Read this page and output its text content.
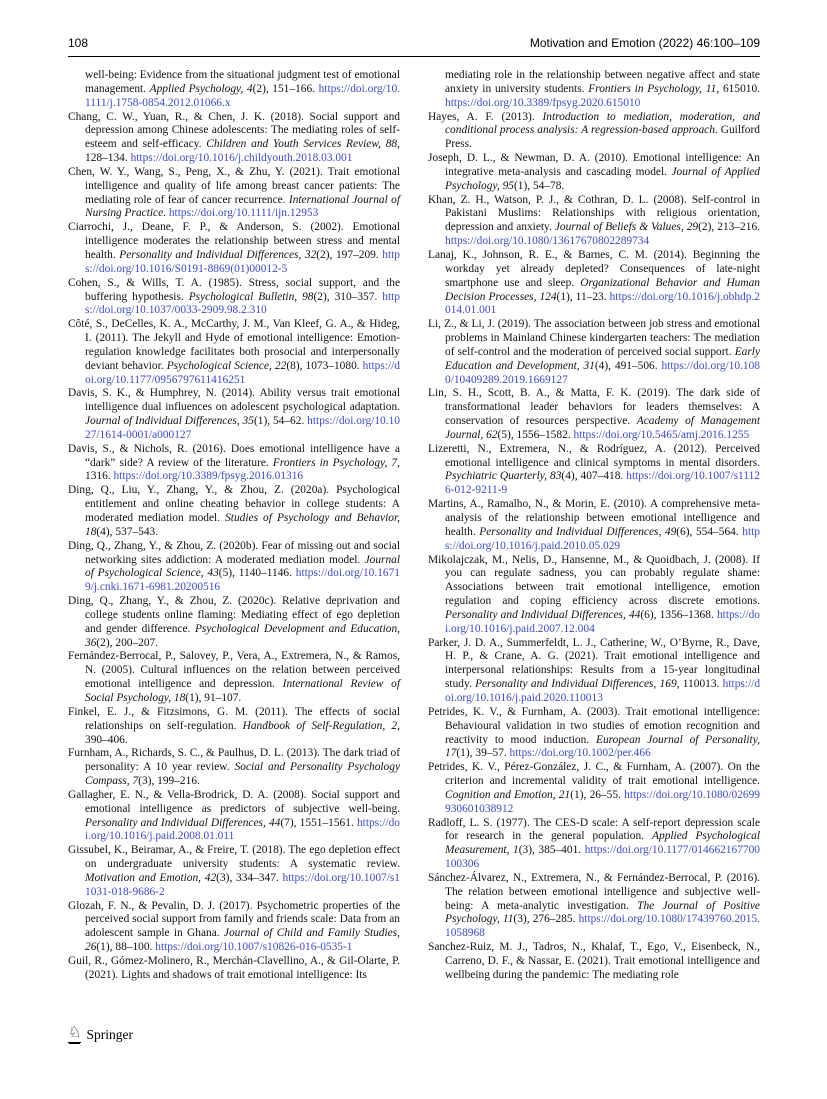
108	Motivation and Emotion (2022) 46:100–109
well-being: Evidence from the situational judgment test of emotional management. Applied Psychology, 4(2), 151–166. https://doi.org/10.1111/j.1758-0854.2012.01066.x
Chang, C. W., Yuan, R., & Chen, J. K. (2018). Social support and depression among Chinese adolescents: The mediating roles of self-esteem and self-efficacy. Children and Youth Services Review, 88, 128–134. https://doi.org/10.1016/j.childyouth.2018.03.001
Chen, W. Y., Wang, S., Peng, X., & Zhu, Y. (2021). Trait emotional intelligence and quality of life among breast cancer patients: The mediating role of fear of cancer recurrence. International Journal of Nursing Practice. https://doi.org/10.1111/ijn.12953
Ciarrochi, J., Deane, F. P., & Anderson, S. (2002). Emotional intelligence moderates the relationship between stress and mental health. Personality and Individual Differences, 32(2), 197–209. https://doi.org/10.1016/S0191-8869(01)00012-5
Cohen, S., & Wills, T. A. (1985). Stress, social support, and the buffering hypothesis. Psychological Bulletin, 98(2), 310–357. https://doi.org/10.1037/0033-2909.98.2.310
Côté, S., DeCelles, K. A., McCarthy, J. M., Van Kleef, G. A., & Hideg, I. (2011). The Jekyll and Hyde of emotional intelligence: Emotion-regulation knowledge facilitates both prosocial and interpersonally deviant behavior. Psychological Science, 22(8), 1073–1080. https://doi.org/10.1177/0956797611416251
Davis, S. K., & Humphrey, N. (2014). Ability versus trait emotional intelligence dual influences on adolescent psychological adaptation. Journal of Individual Differences, 35(1), 54–62. https://doi.org/10.1027/1614-0001/a000127
Davis, S., & Nichols, R. (2016). Does emotional intelligence have a “dark” side? A review of the literature. Frontiers in Psychology, 7, 1316. https://doi.org/10.3389/fpsyg.2016.01316
Ding, Q., Liu, Y., Zhang, Y., & Zhou, Z. (2020a). Psychological entitlement and online cheating behavior in college students: A moderated mediation model. Studies of Psychology and Behavior, 18(4), 537–543.
Ding, Q., Zhang, Y., & Zhou, Z. (2020b). Fear of missing out and social networking sites addiction: A moderated mediation model. Journal of Psychological Science, 43(5), 1140–1146. https://doi.org/10.16719/j.cnki.1671-6981.20200516
Ding, Q., Zhang, Y., & Zhou, Z. (2020c). Relative deprivation and college students online flaming: Mediating effect of ego depletion and gender difference. Psychological Development and Education, 36(2), 200–207.
Fernández-Berrocal, P., Salovey, P., Vera, A., Extremera, N., & Ramos, N. (2005). Cultural influences on the relation between perceived emotional intelligence and depression. International Review of Social Psychology, 18(1), 91–107.
Finkel, E. J., & Fitzsimons, G. M. (2011). The effects of social relationships on self-regulation. Handbook of Self-Regulation, 2, 390–406.
Furnham, A., Richards, S. C., & Paulhus, D. L. (2013). The dark triad of personality: A 10 year review. Social and Personality Psychology Compass, 7(3), 199–216.
Gallagher, E. N., & Vella-Brodrick, D. A. (2008). Social support and emotional intelligence as predictors of subjective well-being. Personality and Individual Differences, 44(7), 1551–1561. https://doi.org/10.1016/j.paid.2008.01.011
Gissubel, K., Beiramar, A., & Freire, T. (2018). The ego depletion effect on undergraduate university students: A systematic review. Motivation and Emotion, 42(3), 334–347. https://doi.org/10.1007/s11031-018-9686-2
Glozah, F. N., & Pevalin, D. J. (2017). Psychometric properties of the perceived social support from family and friends scale: Data from an adolescent sample in Ghana. Journal of Child and Family Studies, 26(1), 88–100. https://doi.org/10.1007/s10826-016-0535-1
Guil, R., Gómez-Molinero, R., Merchán-Clavellino, A., & Gil-Olarte, P. (2021). Lights and shadows of trait emotional intelligence: Its
mediating role in the relationship between negative affect and state anxiety in university students. Frontiers in Psychology, 11, 615010. https://doi.org/10.3389/fpsyg.2020.615010
Hayes, A. F. (2013). Introduction to mediation, moderation, and conditional process analysis: A regression-based approach. Guilford Press.
Joseph, D. L., & Newman, D. A. (2010). Emotional intelligence: An integrative meta-analysis and cascading model. Journal of Applied Psychology, 95(1), 54–78.
Khan, Z. H., Watson, P. J., & Cothran, D. L. (2008). Self-control in Pakistani Muslims: Relationships with religious orientation, depression and anxiety. Journal of Beliefs & Values, 29(2), 213–216. https://doi.org/10.1080/13617670802289734
Lanaj, K., Johnson, R. E., & Barnes, C. M. (2014). Beginning the workday yet already depleted? Consequences of late-night smartphone use and sleep. Organizational Behavior and Human Decision Processes, 124(1), 11–23. https://doi.org/10.1016/j.obhdp.2014.01.001
Li, Z., & Li, J. (2019). The association between job stress and emotional problems in Mainland Chinese kindergarten teachers: The mediation of self-control and the moderation of perceived social support. Early Education and Development, 31(4), 491–506. https://doi.org/10.1080/10409289.2019.1669127
Lin, S. H., Scott, B. A., & Matta, F. K. (2019). The dark side of transformational leader behaviors for leaders themselves: A conservation of resources perspective. Academy of Management Journal, 62(5), 1556–1582. https://doi.org/10.5465/amj.2016.1255
Lizeretti, N., Extremera, N., & Rodríguez, A. (2012). Perceived emotional intelligence and clinical symptoms in mental disorders. Psychiatric Quarterly, 83(4), 407–418. https://doi.org/10.1007/s11126-012-9211-9
Martins, A., Ramalho, N., & Morin, E. (2010). A comprehensive meta-analysis of the relationship between emotional intelligence and health. Personality and Individual Differences, 49(6), 554–564. https://doi.org/10.1016/j.paid.2010.05.029
Mikolajczak, M., Nelis, D., Hansenne, M., & Quoidbach, J. (2008). If you can regulate sadness, you can probably regulate shame: Associations between trait emotional intelligence, emotion regulation and coping efficiency across discrete emotions. Personality and Individual Differences, 44(6), 1356–1368. https://doi.org/10.1016/j.paid.2007.12.004
Parker, J. D. A., Summerfeldt, L. J., Catherine, W., O’Byrne, R., Dave, H. P., & Crane, A. G. (2021). Trait emotional intelligence and interpersonal relationships: Results from a 15-year longitudinal study. Personality and Individual Differences, 169, 110013. https://doi.org/10.1016/j.paid.2020.110013
Petrides, K. V., & Furnham, A. (2003). Trait emotional intelligence: Behavioural validation in two studies of emotion recognition and reactivity to mood induction. European Journal of Personality, 17(1), 39–57. https://doi.org/10.1002/per.466
Petrides, K. V., Pérez-González, J. C., & Furnham, A. (2007). On the criterion and incremental validity of trait emotional intelligence. Cognition and Emotion, 21(1), 26–55. https://doi.org/10.1080/02699930601038912
Radloff, L. S. (1977). The CES-D scale: A self-report depression scale for research in the general population. Applied Psychological Measurement, 1(3), 385–401. https://doi.org/10.1177/014662167700100306
Sánchez-Álvarez, N., Extremera, N., & Fernández-Berrocal, P. (2016). The relation between emotional intelligence and subjective well-being: A meta-analytic investigation. The Journal of Positive Psychology, 11(3), 276–285. https://doi.org/10.1080/17439760.2015.1058968
Sanchez-Ruiz, M. J., Tadros, N., Khalaf, T., Ego, V., Eisenbeck, N., Carreno, D. F., & Nassar, E. (2021). Trait emotional intelligence and wellbeing during the pandemic: The mediating role
♘ Springer
